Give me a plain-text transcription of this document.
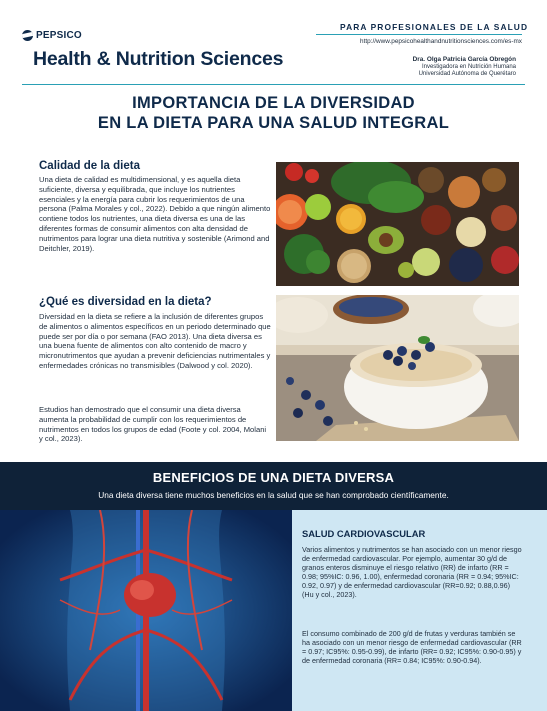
PEPSICO
Health & Nutrition Sciences
PARA PROFESIONALES DE LA SALUD
http://www.pepsicohealthandnutritionsciences.com/es-mx
Dra. Olga Patricia García Obregón
Investigadora en Nutrición Humana
Universidad Autónoma de Querétaro
IMPORTANCIA DE LA DIVERSIDAD
EN LA DIETA PARA UNA SALUD INTEGRAL
Calidad de la dieta
Una dieta de calidad es multidimensional, y es aquella dieta suficiente, diversa y equilibrada, que incluye los nutrientes esenciales y la energía para cubrir los requerimientos de una persona (Palma Morales y col., 2022). Debido a que ningún alimento contiene todos los nutrientes, una dieta diversa es una de las diferentes formas de consumir alimentos con alta densidad de nutrimentos para lograr una dieta nutritiva y sostenible (Arimond and Deitchler, 2019).
¿Qué es diversidad en la dieta?
Diversidad en la dieta se refiere a la inclusión de diferentes grupos de alimentos o alimentos específicos en un periodo determinado que puede ser por día o por semana (FAO 2013). Una dieta diversa es una buena fuente de alimentos con alto contenido de macro y micronutrimentos que ayudan a prevenir deficiencias nutrimentales y enfermedades crónicas no transmisibles (Dalwood y col. 2020).
Estudios han demostrado que el consumir una dieta diversa aumenta la probabilidad de cumplir con los requerimientos de nutrimentos en todos los grupos de edad (Foote y col. 2004, Molani y col., 2023).
BENEFICIOS DE UNA DIETA DIVERSA
Una dieta diversa tiene muchos beneficios en la salud que se han comprobado científicamente.
SALUD CARDIOVASCULAR
Varios alimentos y nutrimentos se han asociado con un menor riesgo de enfermedad cardiovascular. Por ejemplo, aumentar 30 g/d de granos enteros disminuye el riesgo relativo (RR) de infarto (RR = 0.98; 95%IC: 0.96, 1.00), enfermedad coronaria (RR = 0.94; 95%IC: 0.92, 0.97) y de enfermedad cardiovascular (RR=0.92; 0.88,0.96) (Hu y col., 2023).
El consumo combinado de 200 g/d de frutas y verduras también se ha asociado con un menor riesgo de enfermedad cardiovascular (RR = 0.97; IC95%: 0.95-0.99), de infarto (RR= 0.92; IC95%: 0.90-0.95) y de enfermedad coronaria (RR= 0.84; IC95%: 0.90-0.94).
